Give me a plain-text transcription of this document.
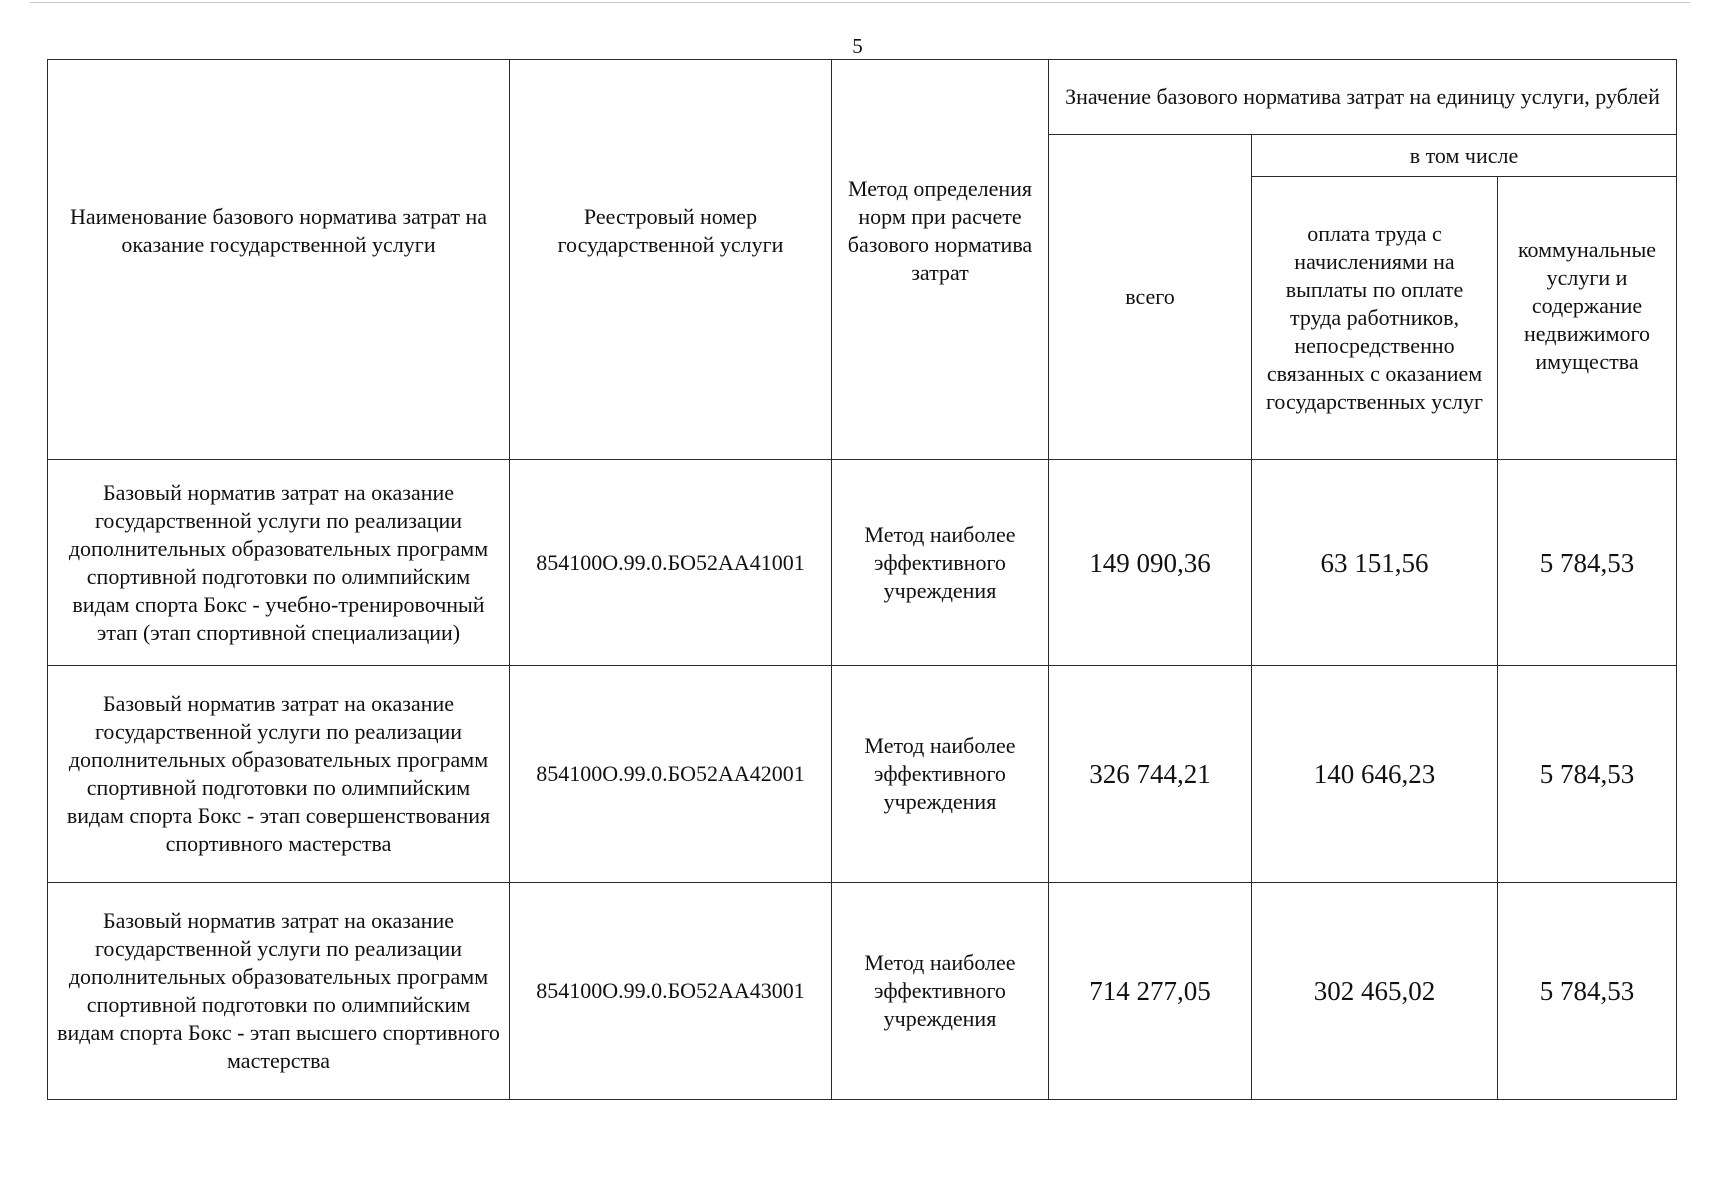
5
Наименование базового норматива затрат на оказание государственной услуги	Реестровый номер государственной услуги	Метод определения норм при расчете базового норматива затрат	Значение базового норматива затрат на единицу услуги, рублей		
			всего	в том числе	
				оплата труда с начислениями на выплаты по оплате труда работников, непосредственно связанных с оказанием государственных услуг	коммунальные услуги и содержание недвижимого имущества
Базовый норматив затрат на оказание государственной услуги по реализации дополнительных образовательных программ спортивной подготовки по олимпийским видам спорта Бокс - учебно-тренировочный этап (этап спортивной специализации)	854100О.99.0.БО52АА41001	Метод наиболее эффективного учреждения	149 090,36	63 151,56	5 784,53
Базовый норматив затрат на оказание государственной услуги по реализации дополнительных образовательных программ спортивной подготовки по олимпийским видам спорта Бокс - этап совершенствования спортивного мастерства	854100О.99.0.БО52АА42001	Метод наиболее эффективного учреждения	326 744,21	140 646,23	5 784,53
Базовый норматив затрат на оказание государственной услуги по реализации дополнительных образовательных программ спортивной подготовки по олимпийским видам спорта Бокс - этап высшего спортивного мастерства	854100О.99.0.БО52АА43001	Метод наиболее эффективного учреждения	714 277,05	302 465,02	5 784,53
